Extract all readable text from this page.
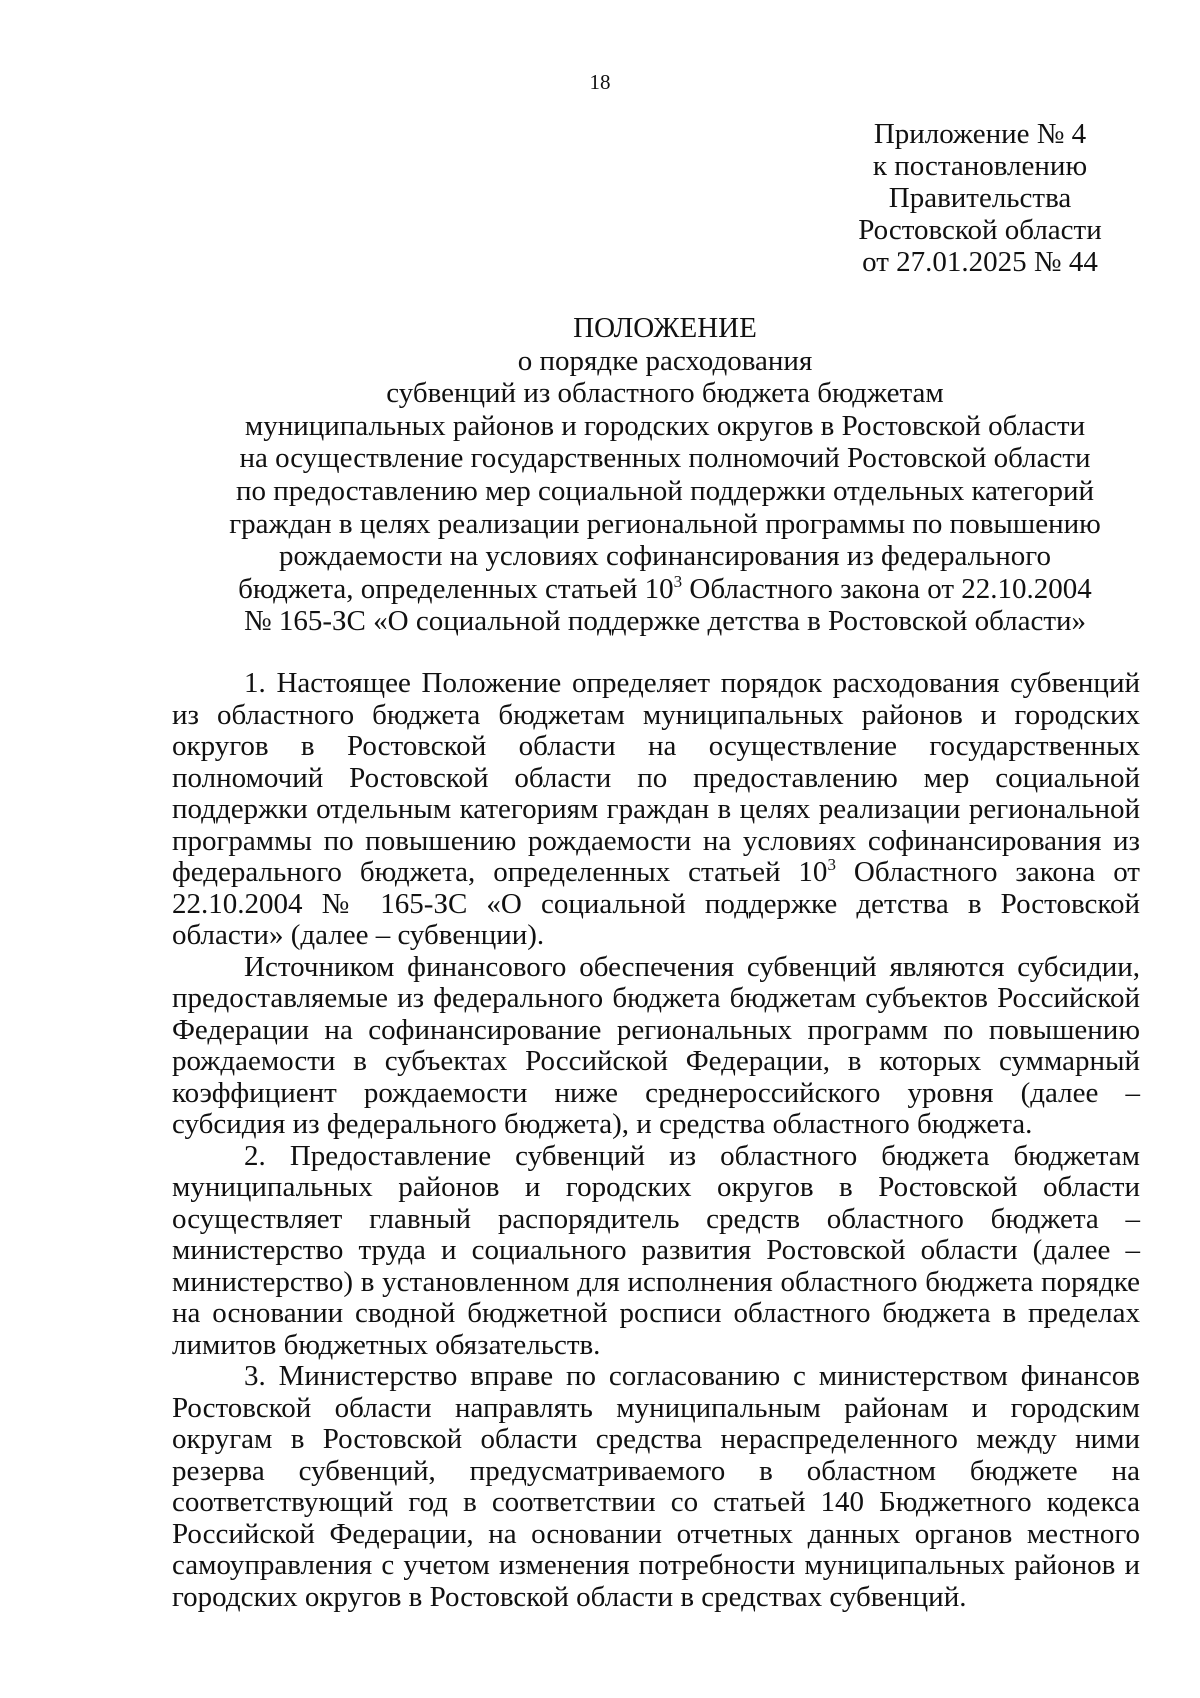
18
Приложение № 4
к постановлению
Правительства
Ростовской области
от 27.01.2025 № 44
ПОЛОЖЕНИЕ
о порядке расходования
субвенций из областного бюджета бюджетам
муниципальных районов и городских округов в Ростовской области
на осуществление государственных полномочий Ростовской области
по предоставлению мер социальной поддержки отдельных категорий
граждан в целях реализации региональной программы по повышению
рождаемости на условиях софинансирования из федерального
бюджета, определенных статьей $10^3$ Областного закона от 22.10.2004
№ 165-ЗС «О социальной поддержке детства в Ростовской области»

1. Настоящее Положение определяет порядок расходования субвенций из областного бюджета бюджетам муниципальных районов и городских округов в Ростовской области на осуществление государственных полномочий Ростовской области по предоставлению мер социальной поддержки отдельным категориям граждан в целях реализации региональной программы по повышению рождаемости на условиях софинансирования из федерального бюджета, определенных статьей $10^3$ Областного закона от 22.10.2004 № 165-ЗС «О социальной поддержке детства в Ростовской области» (далее – субвенции).

Источником финансового обеспечения субвенций являются субсидии, предоставляемые из федерального бюджета бюджетам субъектов Российской Федерации на софинансирование региональных программ по повышению рождаемости в субъектах Российской Федерации, в которых суммарный коэффициент рождаемости ниже среднероссийского уровня (далее – субсидия из федерального бюджета), и средства областного бюджета.

2. Предоставление субвенций из областного бюджета бюджетам муниципальных районов и городских округов в Ростовской области осуществляет главный распорядитель средств областного бюджета – министерство труда и социального развития Ростовской области (далее – министерство) в установленном для исполнения областного бюджета порядке на основании сводной бюджетной росписи областного бюджета в пределах лимитов бюджетных обязательств.

3. Министерство вправе по согласованию с министерством финансов Ростовской области направлять муниципальным районам и городским округам в Ростовской области средства нераспределенного между ними резерва субвенций, предусматриваемого в областном бюджете на соответствующий год в соответствии со статьей 140 Бюджетного кодекса Российской Федерации, на основании отчетных данных органов местного самоуправления с учетом изменения потребности муниципальных районов и городских округов в Ростовской области в средствах субвенций.
